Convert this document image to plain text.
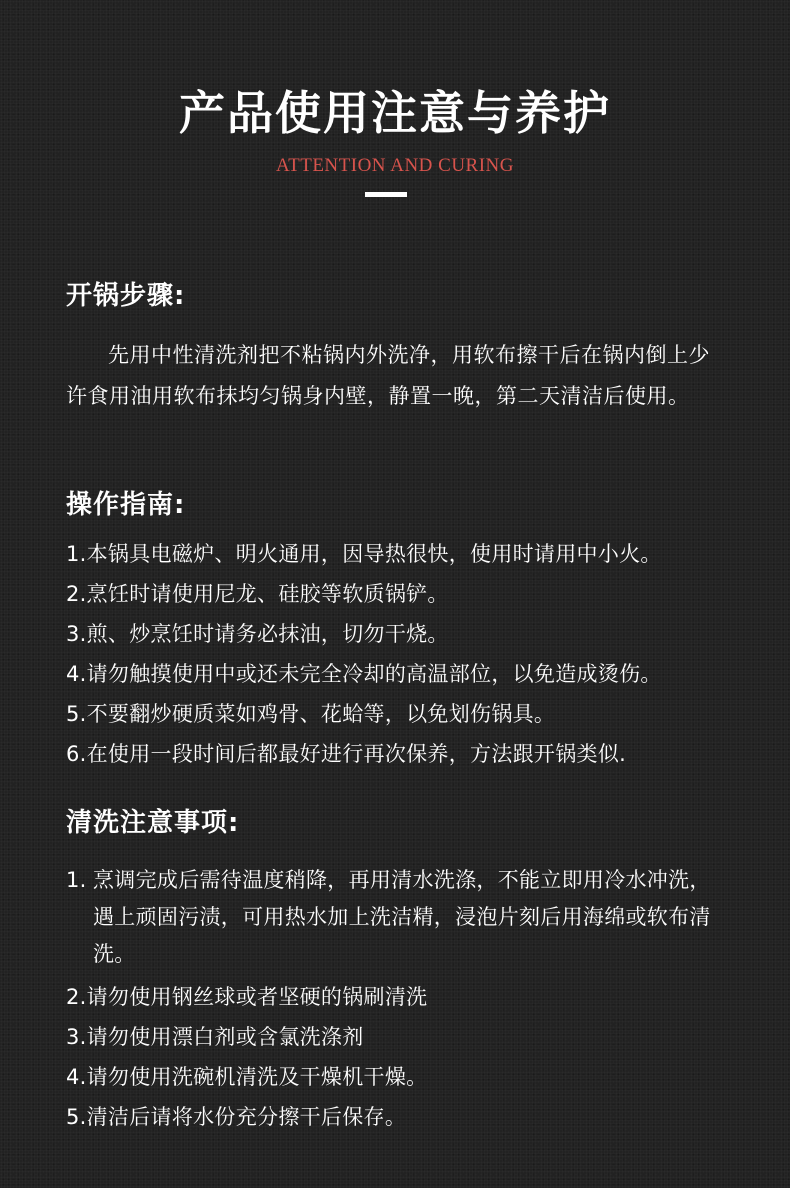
产品使用注意与养护
ATTENTION AND CURING
开锅步骤:
先用中性清洗剂把不粘锅内外洗净，用软布擦干后在锅内倒上少许食用油用软布抹均匀锅身内壁，静置一晚，第二天清洁后使用。
操作指南:
1.本锅具电磁炉、明火通用，因导热很快，使用时请用中小火。
2.烹饪时请使用尼龙、硅胶等软质锅铲。
3.煎、炒烹饪时请务必抹油，切勿干烧。
4.请勿触摸使用中或还未完全冷却的高温部位，以免造成烫伤。
5.不要翻炒硬质菜如鸡骨、花蛤等，以免划伤锅具。
6.在使用一段时间后都最好进行再次保养，方法跟开锅类似.
清洗注意事项:
1. 烹调完成后需待温度稍降，再用清水洗涤，不能立即用冷水冲洗，遇上顽固污渍，可用热水加上洗洁精，浸泡片刻后用海绵或软布清洗。
2.请勿使用钢丝球或者坚硬的锅刷清洗
3.请勿使用漂白剂或含氯洗涤剂
4.请勿使用洗碗机清洗及干燥机干燥。
5.清洁后请将水份充分擦干后保存。
